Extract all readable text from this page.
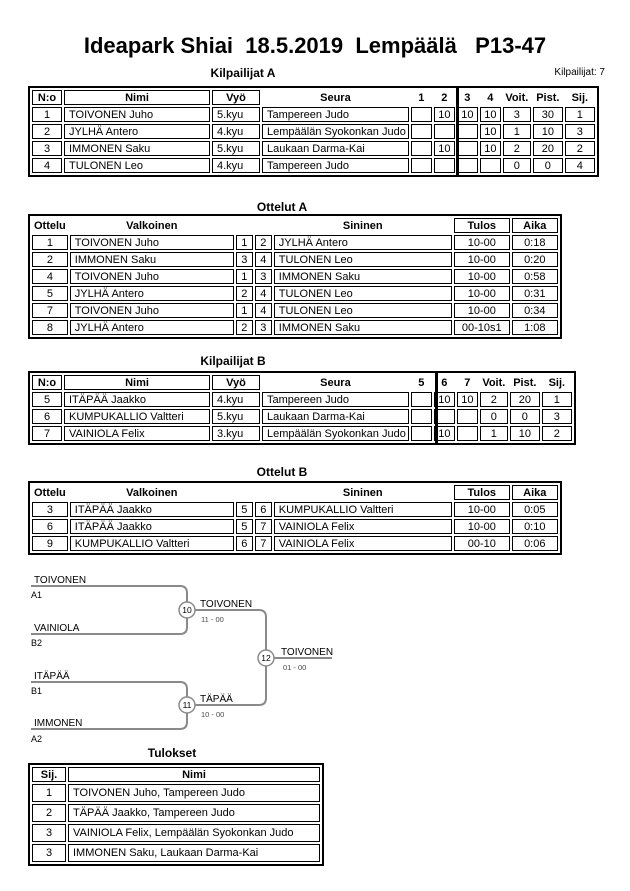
Ideapark Shiai  18.5.2019  Lempäälä   P13-47
Kilpailijat: 7
Kilpailijat A
N:o	Nimi	Vyö	Seura	1	2	3	4	Voit.	Pist.	Sij.
1	TOIVONEN Juho	5.kyu	Tampereen Judo		10	10	10	3	30	1
2	JYLHÄ Antero	4.kyu	Lempäälän Syokonkan Judo				10	1	10	3
3	IMMONEN Saku	5.kyu	Laukaan Darma-Kai		10		10	2	20	2
4	TULONEN Leo	4.kyu	Tampereen Judo					0	0	4
Ottelut A
Ottelu	Valkoinen			Sininen	Tulos	Aika
1	TOIVONEN Juho	1	2	JYLHÄ Antero	10-00	0:18
2	IMMONEN Saku	3	4	TULONEN Leo	10-00	0:20
4	TOIVONEN Juho	1	3	IMMONEN Saku	10-00	0:58
5	JYLHÄ Antero	2	4	TULONEN Leo	10-00	0:31
7	TOIVONEN Juho	1	4	TULONEN Leo	10-00	0:34
8	JYLHÄ Antero	2	3	IMMONEN Saku	00-10s1	1:08
Kilpailijat B
N:o	Nimi	Vyö	Seura	5	6	7	Voit.	Pist.	Sij.
5	ITÄPÄÄ Jaakko	4.kyu	Tampereen Judo		10	10	2	20	1
6	KUMPUKALLIO Valtteri	5.kyu	Laukaan Darma-Kai				0	0	3
7	VAINIOLA Felix	3.kyu	Lempäälän Syokonkan Judo		10		1	10	2
Ottelut B
Ottelu	Valkoinen			Sininen	Tulos	Aika
3	ITÄPÄÄ Jaakko	5	6	KUMPUKALLIO Valtteri	10-00	0:05
6	ITÄPÄÄ Jaakko	5	7	VAINIOLA Felix	10-00	0:10
9	KUMPUKALLIO Valtteri	6	7	VAINIOLA Felix	00-10	0:06
10
11
12
TOIVONEN
A1
VAINIOLA
B2
ITÄPÄÄ
B1
IMMONEN
A2
TOIVONEN
11 - 00
TÄPÄÄ
10 - 00
TOIVONEN
01 - 00
Tulokset
Sij.	Nimi
1	TOIVONEN Juho, Tampereen Judo
2	TÄPÄÄ Jaakko, Tampereen Judo
3	VAINIOLA Felix, Lempäälän Syokonkan Judo
3	IMMONEN Saku, Laukaan Darma-Kai
